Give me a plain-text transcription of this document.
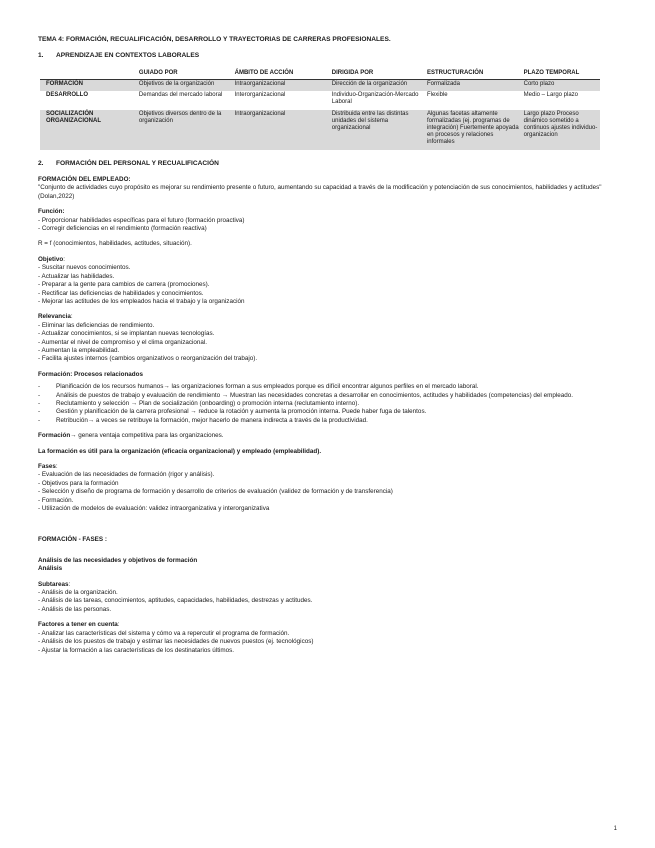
TEMA 4: FORMACIÓN, RECUALIFICACIÓN, DESARROLLO Y TRAYECTORIAS DE CARRERAS PROFESIONALES.
1. APRENDIZAJE EN CONTEXTOS LABORALES
	GUIADO POR	ÁMBITO DE ACCIÓN	DIRIGIDA POR	ESTRUCTURACIÓN	PLAZO TEMPORAL
FORMACIÓN	Objetivos de la organización	Intraorganizacional	Dirección de la organización	Formalizada	Corto plazo
DESARROLLO	Demandas del mercado laboral	Interorganizacional	Individuo-Organización-Mercado Laboral	Flexible	Medio – Largo plazo
SOCIALIZACIÓN ORGANIZACIONAL	Objetivos diversos dentro de la organización	Intraorganizacional	Distribuida entre las distintas unidades del sistema organizacional	Algunas facetas altamente formalizadas (ej. programas de integración) Fuertemente apoyada en procesos y relaciones informales	Largo plazo Proceso dinámico sometido a continuos ajustes individuo-organizacion
2. FORMACIÓN DEL PERSONAL Y RECUALIFICACIÓN

FORMACIÓN DEL EMPLEADO:

"Conjunto de actividades cuyo propósito es mejorar su rendimiento presente o futuro, aumentando su capacidad a través de la modificación y potenciación de sus conocimientos, habilidades y actitudes" (Dolan,2022)

Función:

- Proporcionar habilidades específicas para el futuro (formación proactiva)

- Corregir deficiencias en el rendimiento (formación reactiva)

R = f (conocimientos, habilidades, actitudes, situación).

Objetivo:

- Suscitar nuevos conocimientos.

- Actualizar las habilidades.

- Preparar a la gente para cambios de carrera (promociones).

- Rectificar las deficiencias de habilidades y conocimientos.

- Mejorar las actitudes de los empleados hacia el trabajo y la organización

Relevancia:

- Eliminar las deficiencias de rendimiento.

- Actualizar conocimientos, si se implantan nuevas tecnologías.

- Aumentar el nivel de compromiso y el clima organizacional.

- Aumentan la empleabilidad.

- Facilita ajustes internos (cambios organizativos o reorganización del trabajo).

Formación: Procesos relacionados

- Planificación de los recursos humanos→ las organizaciones forman a sus empleados porque es difícil encontrar algunos perfiles en el mercado laboral.
- Análisis de puestos de trabajo y evaluación de rendimiento → Muestran las necesidades concretas a desarrollar en conocimientos, actitudes y habilidades (competencias) del empleado.
- Reclutamiento y selección → Plan de socialización (onboarding) o promoción interna (reclutamiento interno).
- Gestión y planificación de la carrera profesional → reduce la rotación y aumenta la promoción interna. Puede haber fuga de talentos.
- Retribución→ a veces se retribuye la formación, mejor hacerlo de manera indirecta a través de la productividad.

Formación→ genera ventaja competitiva para las organizaciones.

La formación es útil para la organización (eficacia organizacional) y empleado (empleabilidad).

Fases:

- Evaluación de las necesidades de formación (rigor y análisis).

- Objetivos para la formación

- Selección y diseño de programa de formación y desarrollo de criterios de evaluación (validez de formación y de transferencia)

- Formación.

- Utilización de modelos de evaluación: validez intraorganizativa y interorganizativa

FORMACIÓN - FASES :

Análisis de las necesidades y objetivos de formación

Análisis

Subtareas:

- Análisis de la organización.

- Análisis de las tareas, conocimientos, aptitudes, capacidades, habilidades, destrezas y actitudes.

- Análisis de las personas.

Factores a tener en cuenta:

- Analizar las características del sistema y cómo va a repercutir el programa de formación.

- Análisis de los puestos de trabajo y estimar las necesidades de nuevos puestos (ej. tecnológicos)

- Ajustar la formación a las características de los destinatarios últimos.

1
